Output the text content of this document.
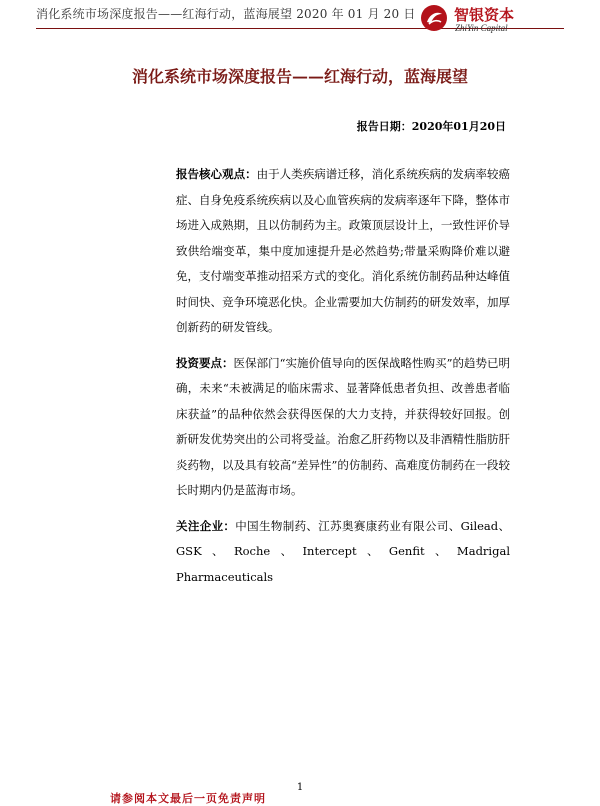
消化系统市场深度报告——红海行动，蓝海展望 2020 年 01 月 20 日	智银资本
ZhiYin Capital
消化系统市场深度报告——红海行动，蓝海展望
报告日期：2020年01月20日

报告核心观点：由于人类疾病谱迁移，消化系统疾病的发病率较癌症、自身免疫系统疾病以及心血管疾病的发病率逐年下降，整体市场进入成熟期，且以仿制药为主。政策顶层设计上，一致性评价导致供给端变革，集中度加速提升是必然趋势;带量采购降价难以避免，支付端变革推动招采方式的变化。消化系统仿制药品种达峰值时间快、竞争环境恶化快。企业需要加大仿制药的研发效率，加厚创新药的研发管线。

投资要点：医保部门“实施价值导向的医保战略性购买”的趋势已明确，未来“未被满足的临床需求、显著降低患者负担、改善患者临床获益”的品种依然会获得医保的大力支持，并获得较好回报。创新研发优势突出的公司将受益。治愈乙肝药物以及非酒精性脂肪肝炎药物，以及具有较高“差异性”的仿制药、高难度仿制药在一段较长时期内仍是蓝海市场。

关注企业：中国生物制药、江苏奥赛康药业有限公司、Gilead、GSK、Roche、Intercept、Genfit、Madrigal Pharmaceuticals

1
请参阅本文最后一页免责声明
